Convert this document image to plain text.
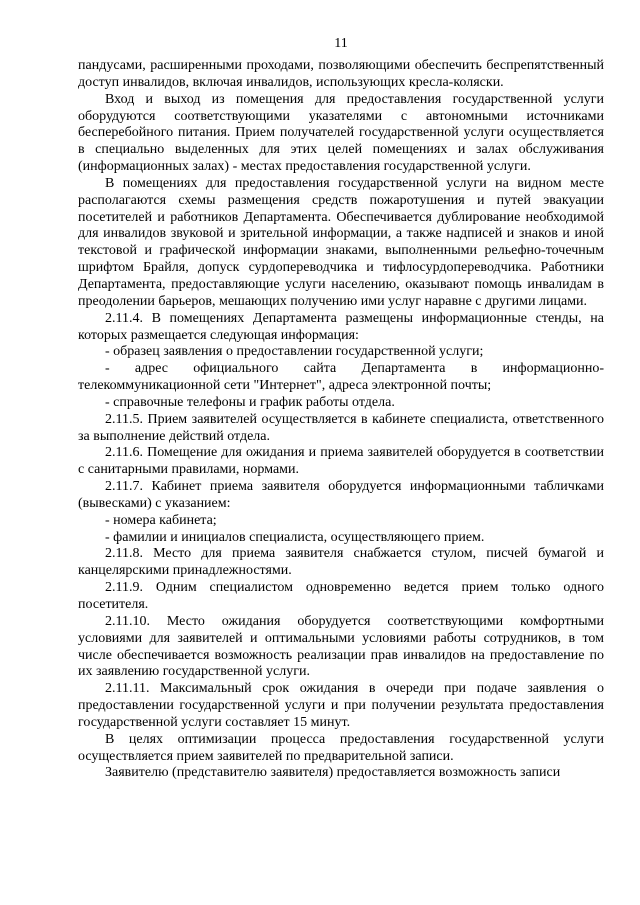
11

пандусами, расширенными проходами, позволяющими обеспечить беспрепятственный доступ инвалидов, включая инвалидов, использующих кресла-коляски.

Вход и выход из помещения для предоставления государственной услуги оборудуются соответствующими указателями с автономными источниками бесперебойного питания. Прием получателей государственной услуги осуществляется в специально выделенных для этих целей помещениях и залах обслуживания (информационных залах) - местах предоставления государственной услуги.

В помещениях для предоставления государственной услуги на видном месте располагаются схемы размещения средств пожаротушения и путей эвакуации посетителей и работников Департамента. Обеспечивается дублирование необходимой для инвалидов звуковой и зрительной информации, а также надписей и знаков и иной текстовой и графической информации знаками, выполненными рельефно-точечным шрифтом Брайля, допуск сурдопереводчика и тифлосурдопереводчика. Работники Департамента, предоставляющие услуги населению, оказывают помощь инвалидам в преодолении барьеров, мешающих получению ими услуг наравне с другими лицами.

2.11.4. В помещениях Департамента размещены информационные стенды, на которых размещается следующая информация:

- образец заявления о предоставлении государственной услуги;

- адрес официального сайта Департамента в информационно-телекоммуникационной сети "Интернет", адреса электронной почты;

- справочные телефоны и график работы отдела.

2.11.5. Прием заявителей осуществляется в кабинете специалиста, ответственного за выполнение действий отдела.

2.11.6. Помещение для ожидания и приема заявителей оборудуется в соответствии с санитарными правилами, нормами.

2.11.7. Кабинет приема заявителя оборудуется информационными табличками (вывесками) с указанием:

- номера кабинета;

- фамилии и инициалов специалиста, осуществляющего прием.

2.11.8. Место для приема заявителя снабжается стулом, писчей бумагой и канцелярскими принадлежностями.

2.11.9. Одним специалистом одновременно ведется прием только одного посетителя.

2.11.10. Место ожидания оборудуется соответствующими комфортными условиями для заявителей и оптимальными условиями работы сотрудников, в том числе обеспечивается возможность реализации прав инвалидов на предоставление по их заявлению государственной услуги.

2.11.11. Максимальный срок ожидания в очереди при подаче заявления о предоставлении государственной услуги и при получении результата предоставления государственной услуги составляет 15 минут.

В целях оптимизации процесса предоставления государственной услуги осуществляется прием заявителей по предварительной записи.

Заявителю (представителю заявителя) предоставляется возможность записи
